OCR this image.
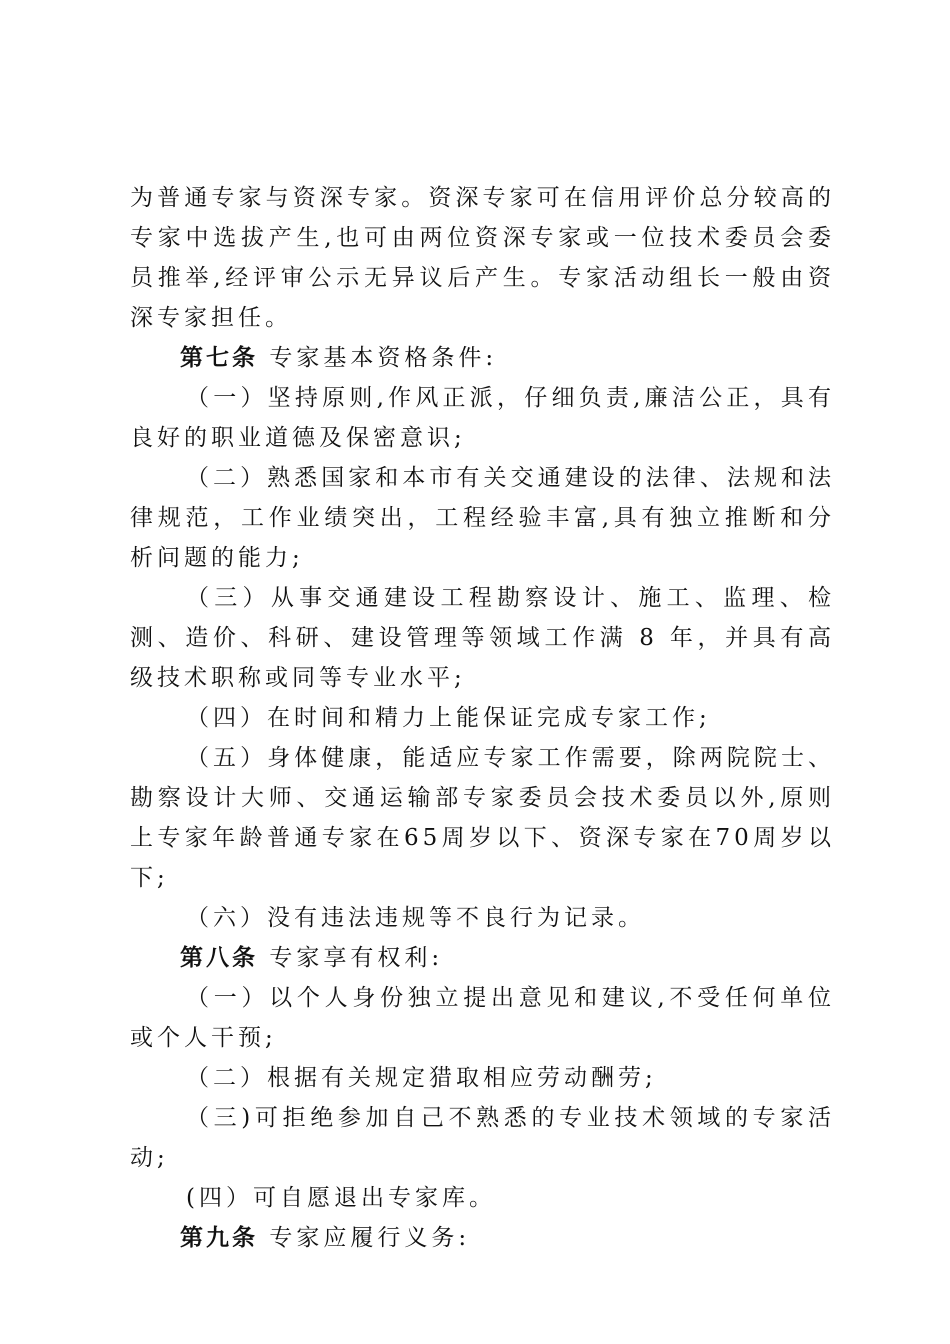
为普通专家与资深专家。资深专家可在信用评价总分较高的专家中选拔产生,也可由两位资深专家或一位技术委员会委员推举,经评审公示无异议后产生。专家活动组长一般由资深专家担任。

第七条 专家基本资格条件:

（一）坚持原则,作风正派，仔细负责,廉洁公正，具有良好的职业道德及保密意识;

（二）熟悉国家和本市有关交通建设的法律、法规和法律规范，工作业绩突出，工程经验丰富,具有独立推断和分析问题的能力;

（三）从事交通建设工程勘察设计、施工、监理、检测、造价、科研、建设管理等领域工作满 8 年，并具有高级技术职称或同等专业水平;

（四）在时间和精力上能保证完成专家工作;

（五）身体健康，能适应专家工作需要，除两院院士、勘察设计大师、交通运输部专家委员会技术委员以外,原则上专家年龄普通专家在65周岁以下、资深专家在70周岁以下;

（六）没有违法违规等不良行为记录。

第八条 专家享有权利:

（一）以个人身份独立提出意见和建议,不受任何单位或个人干预;

（二）根据有关规定猎取相应劳动酬劳;

（三)可拒绝参加自己不熟悉的专业技术领域的专家活动;

(四）可自愿退出专家库。

第九条 专家应履行义务:
